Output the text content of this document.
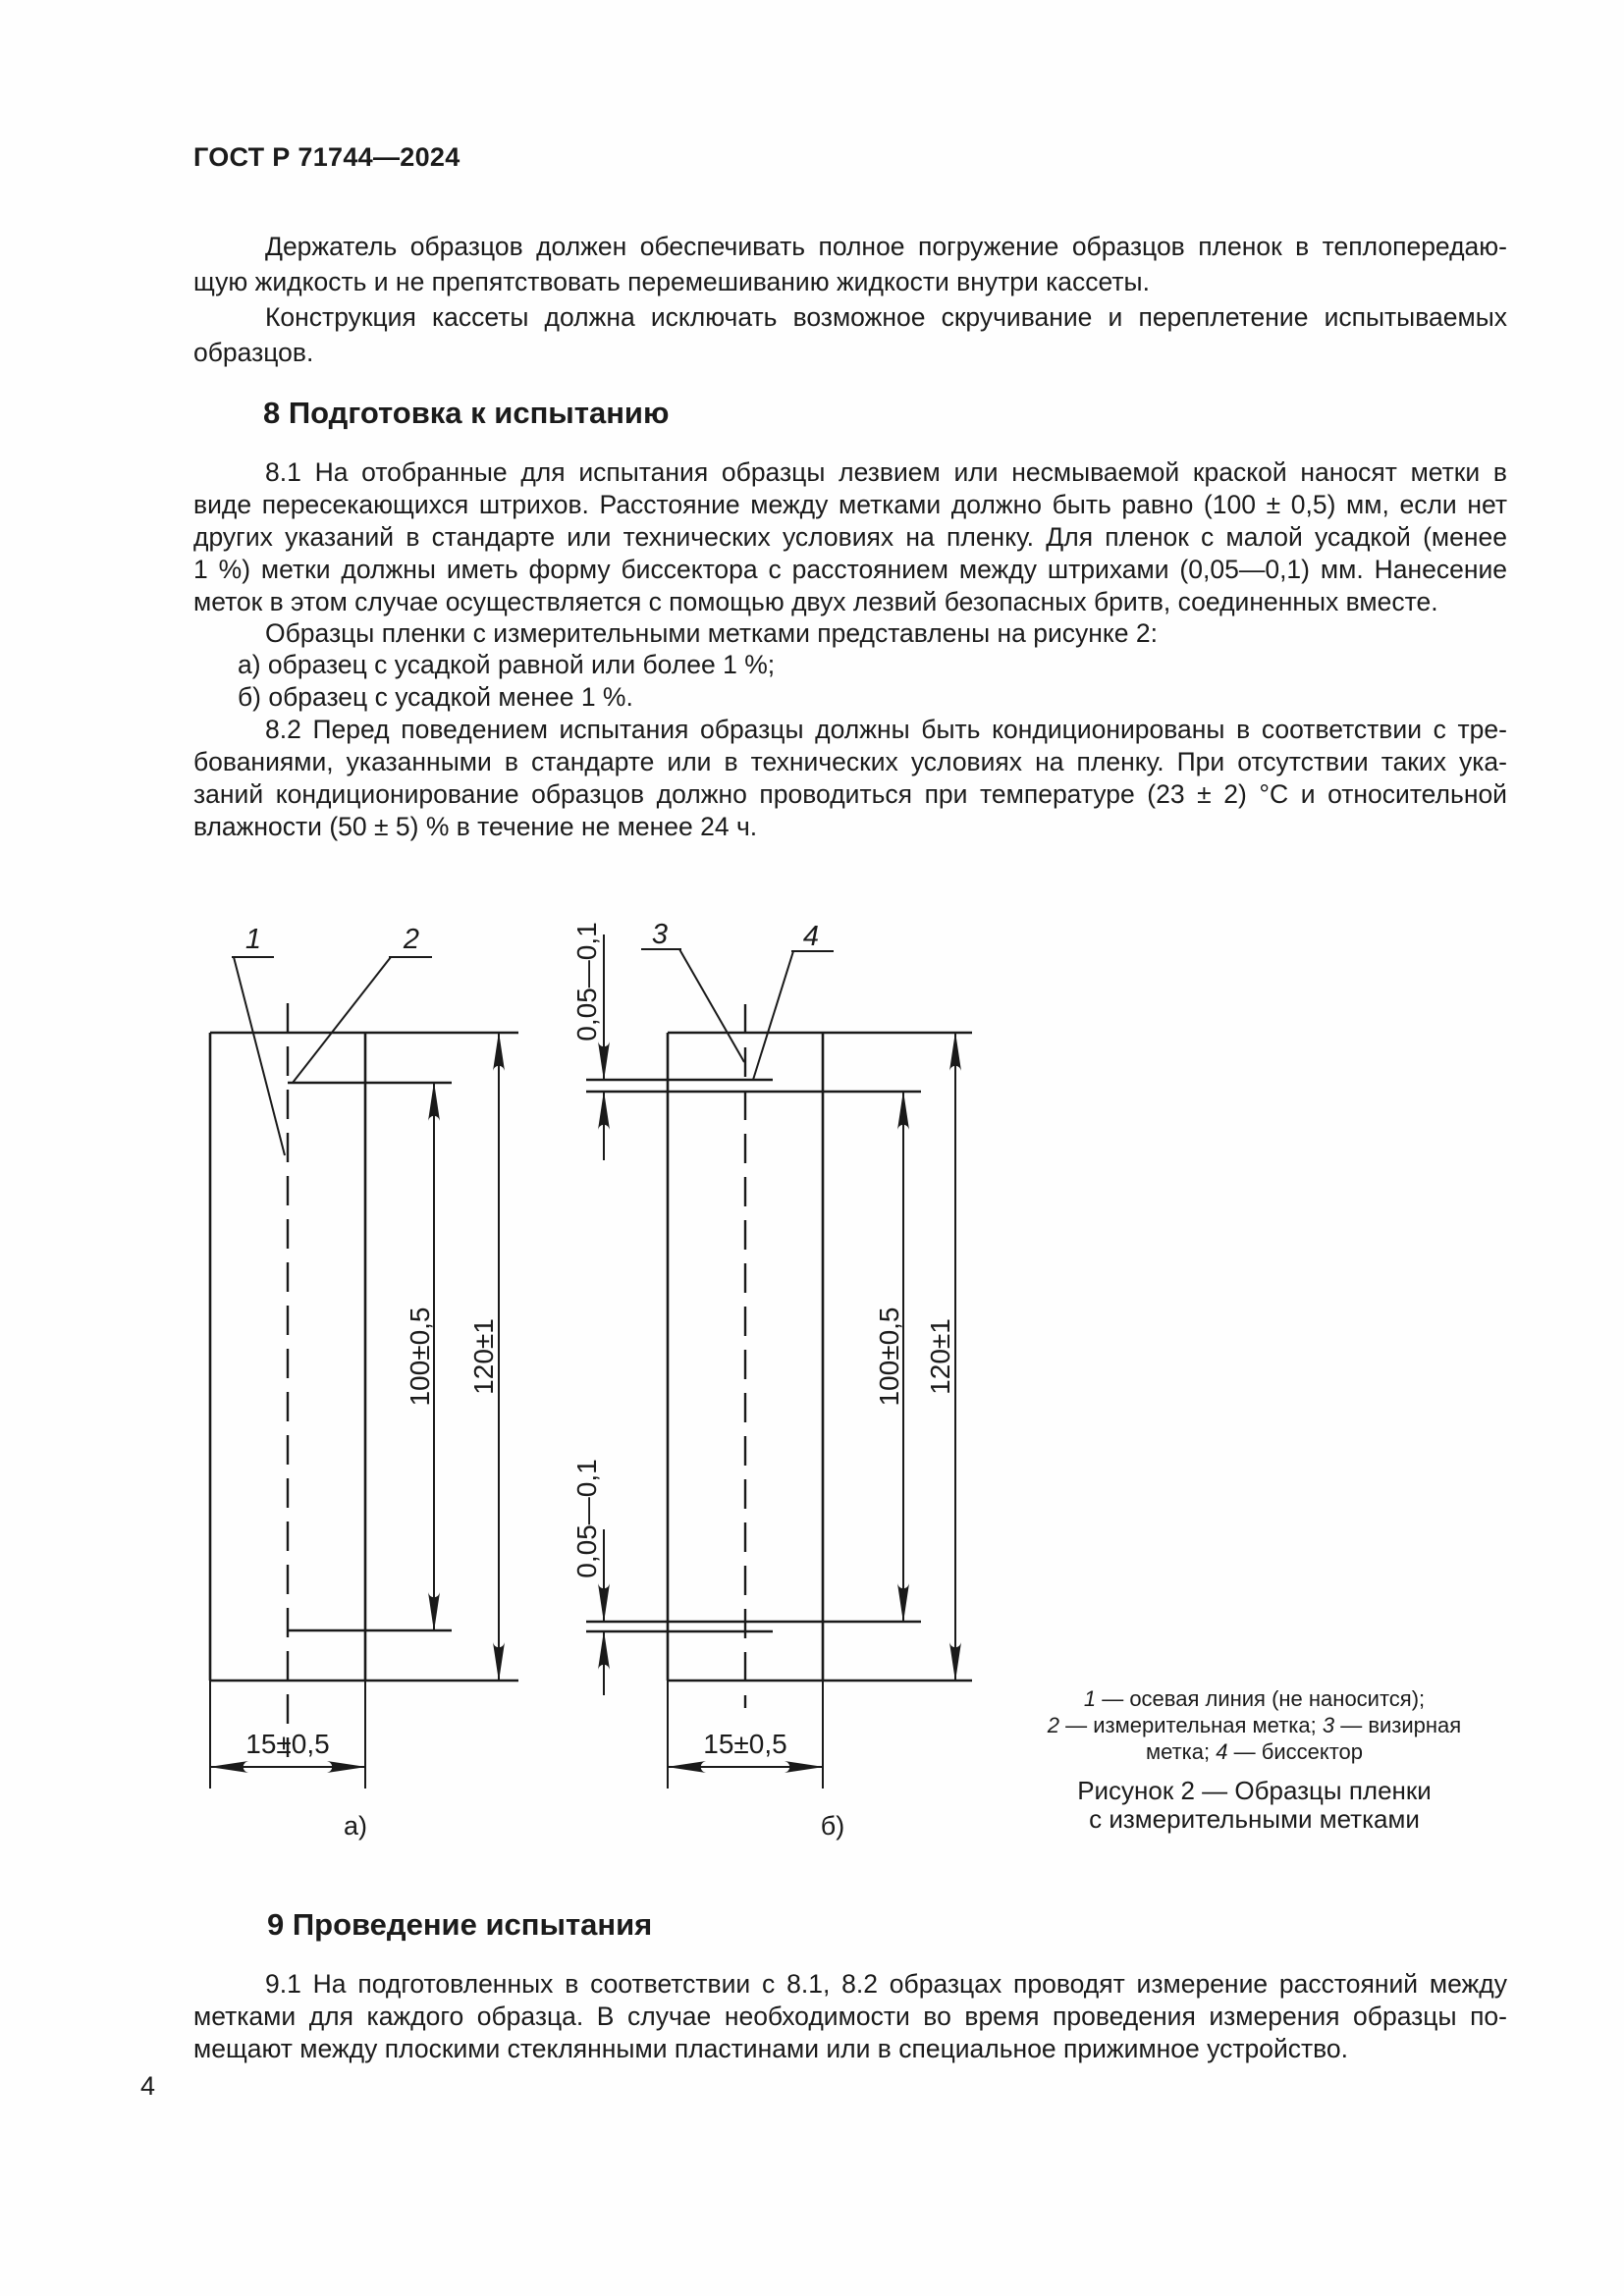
ГОСТ Р 71744—2024
Держатель образцов должен обеспечивать полное погружение образцов пленок в теплопередаю-
щую жидкость и не препятствовать перемешиванию жидкости внутри кассеты.
Конструкция кассеты должна исключать возможное скручивание и переплетение испытываемых
образцов.
8 Подготовка к испытанию
8.1 На отобранные для испытания образцы лезвием или несмываемой краской наносят метки в
виде пересекающихся штрихов. Расстояние между метками должно быть равно (100 ± 0,5) мм, если нет
других указаний в стандарте или технических условиях на пленку. Для пленок с малой усадкой (менее
1 %) метки должны иметь форму биссектора с расстоянием между штрихами (0,05—0,1) мм. Нанесение
меток в этом случае осуществляется с помощью двух лезвий безопасных бритв, соединенных вместе.
Образцы пленки с измерительными метками представлены на рисунке 2:
а) образец с усадкой равной или более 1 %;
б) образец с усадкой менее 1 %.
8.2 Перед поведением испытания образцы должны быть кондиционированы в соответствии с тре-
бованиями, указанными в стандарте или в технических условиях на пленку. При отсутствии таких ука-
заний кондиционирование образцов должно проводиться при температуре (23 ± 2) °С и относительной
влажности (50 ± 5) % в течение не менее 24 ч.
100±0,5 120±1
15±0,5
1	2
а)
0,05—0,1
0,05—0,1
100±0,5 120±1
15±0,5
3	4
б)
1 — осевая линия (не наносится);
2 — измерительная метка; 3 — визирная
метка; 4 — биссектор
Рисунок 2 — Образцы пленки
с измерительными метками
9 Проведение испытания
9.1 На подготовленных в соответствии с 8.1, 8.2 образцах проводят измерение расстояний между
метками для каждого образца. В случае необходимости во время проведения измерения образцы по-
мещают между плоскими стеклянными пластинами или в специальное прижимное устройство.
4
